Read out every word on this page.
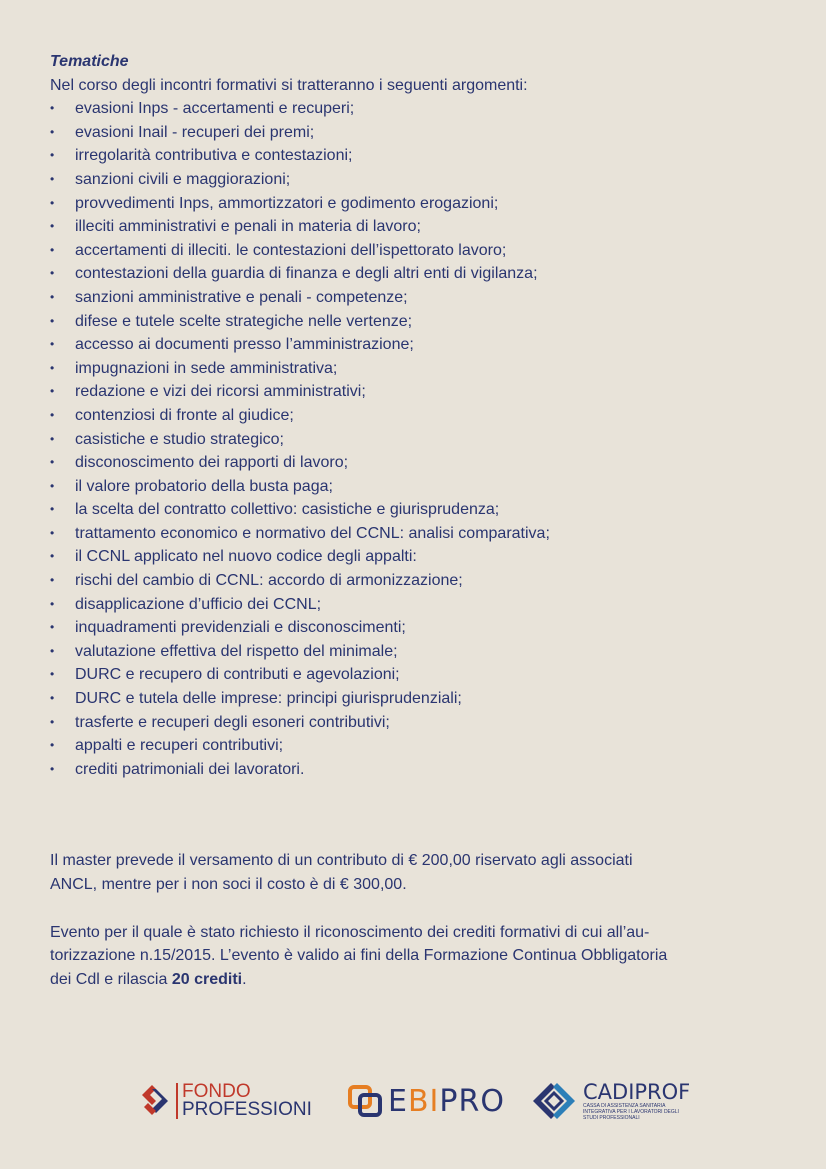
Tematiche

Nel corso degli incontri formativi si tratteranno i seguenti argomenti:

• evasioni Inps - accertamenti e recuperi;
• evasioni Inail - recuperi dei premi;
• irregolarità contributiva e contestazioni;
• sanzioni civili e maggiorazioni;
• provvedimenti Inps, ammortizzatori e godimento erogazioni;
• illeciti amministrativi e penali in materia di lavoro;
• accertamenti di illeciti. le contestazioni dell’ispettorato lavoro;
• contestazioni della guardia di finanza e degli altri enti di vigilanza;
• sanzioni amministrative e penali - competenze;
• difese e tutele scelte strategiche nelle vertenze;
• accesso ai documenti presso l’amministrazione;
• impugnazioni in sede amministrativa;
• redazione e vizi dei ricorsi amministrativi;
• contenziosi di fronte al giudice;
• casistiche e studio strategico;
• disconoscimento dei rapporti di lavoro;
• il valore probatorio della busta paga;
• la scelta del contratto collettivo: casistiche e giurisprudenza;
• trattamento economico e normativo del CCNL: analisi comparativa;
• il CCNL applicato nel nuovo codice degli appalti:
• rischi del cambio di CCNL: accordo di armonizzazione;
• disapplicazione d’ufficio dei CCNL;
• inquadramenti previdenziali e disconoscimenti;
• valutazione effettiva del rispetto del minimale;
• DURC e recupero di contributi e agevolazioni;
• DURC e tutela delle imprese: principi giurisprudenziali;
• trasferte e recuperi degli esoneri contributivi;
• appalti e recuperi contributivi;
• crediti patrimoniali dei lavoratori.
Il master prevede il versamento di un contributo di € 200,00 riservato agli associati
ANCL, mentre per i non soci il costo è di € 300,00.
Evento per il quale è stato richiesto il riconoscimento dei crediti formativi di cui all’au-
torizzazione n.15/2015. L’evento è valido ai fini della Formazione Continua Obbligatoria
dei Cdl e rilascia 20 crediti.
FONDO
PROFESSIONI	EBIPRO	CADIPROF
CASSA DI ASSISTENZA SANITARIA INTEGRATIVA PER I LAVORATORI DEGLI STUDI PROFESSIONALI
